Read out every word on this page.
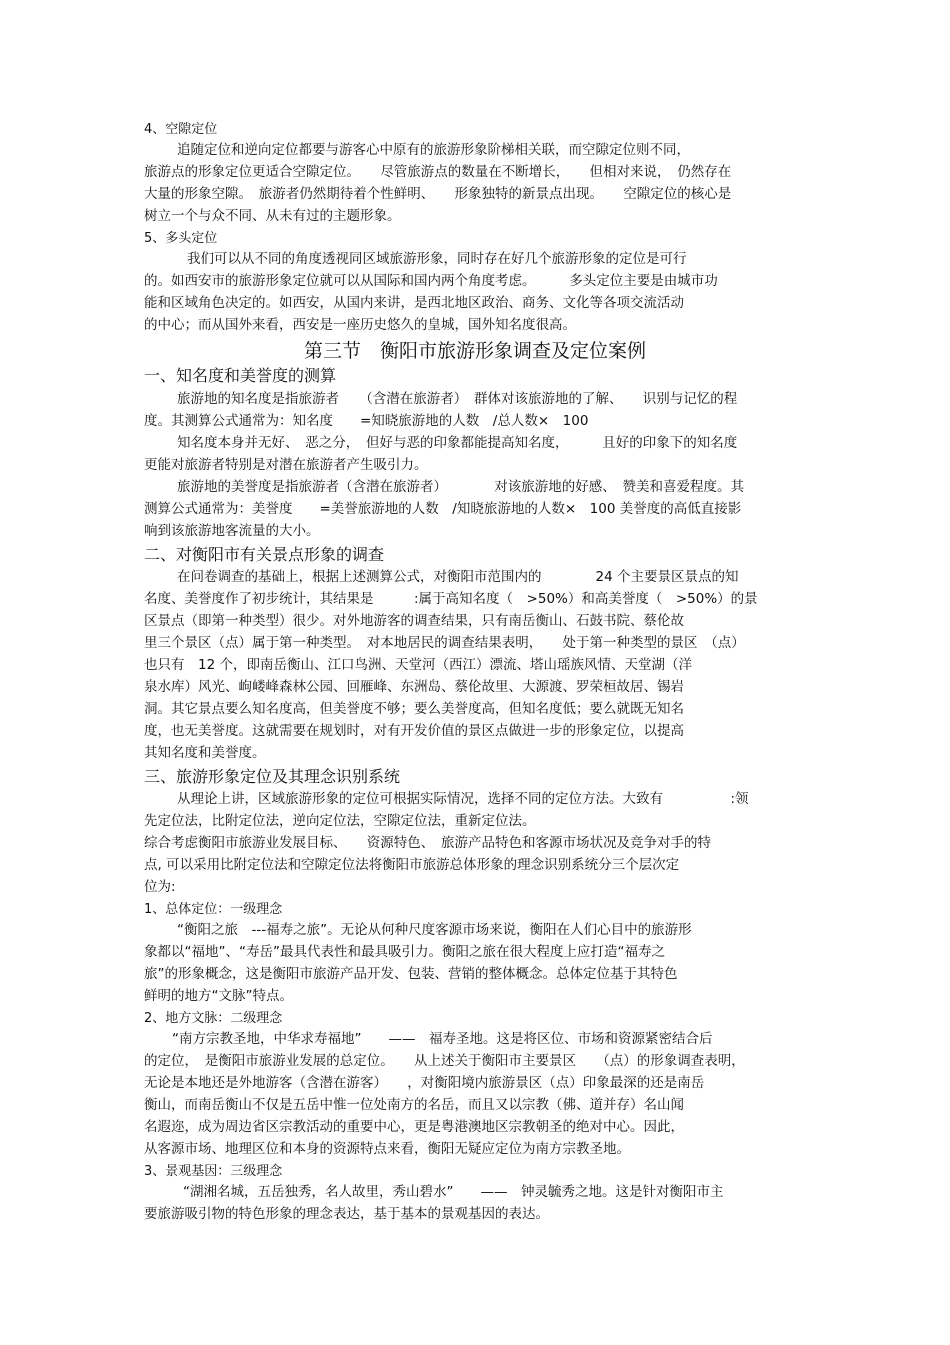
4、空隙定位
追随定位和逆向定位都要与游客心中原有的旅游形象阶梯相关联，而空隙定位则不同，
旅游点的形象定位更适合空隙定位。　　尽管旅游点的数量在不断增长，　　但相对来说，　仍然存在
大量的形象空隙。　旅游者仍然期待着个性鲜明、　　形象独特的新景点出现。　　空隙定位的核心是
树立一个与众不同、从未有过的主题形象。
5、多头定位
我们可以从不同的角度透视同区域旅游形象，同时存在好几个旅游形象的定位是可行
的。如西安市的旅游形象定位就可以从国际和国内两个角度考虑。　　　多头定位主要是由城市功
能和区域角色决定的。如西安，从国内来讲，是西北地区政治、商务、文化等各项交流活动
的中心；而从国外来看，西安是一座历史悠久的皇城，国外知名度很高。
第三节　衡阳市旅游形象调查及定位案例
一、知名度和美誉度的测算
旅游地的知名度是指旅游者　　（含潜在旅游者）　群体对该旅游地的了解、　　识别与记忆的程
度。其测算公式通常为：知名度　　=知晓旅游地的人数　/总人数×　100
知名度本身并无好、　恶之分，　但好与恶的印象都能提高知名度，　　　且好的印象下的知名度
更能对旅游者特别是对潜在旅游者产生吸引力。
旅游地的美誉度是指旅游者（含潜在旅游者）　　　　对该旅游地的好感、　赞美和喜爱程度。其
测算公式通常为：美誉度　　=美誉旅游地的人数　/知晓旅游地的人数×　100 美誉度的高低直接影
响到该旅游地客流量的大小。
二、对衡阳市有关景点形象的调查
在问卷调查的基础上，根据上述测算公式，对衡阳市范围内的　　　　24 个主要景区景点的知
名度、美誉度作了初步统计，其结果是　　　:属于高知名度（　>50%）和高美誉度（　>50%）的景
区景点（即第一种类型）很少。对外地游客的调查结果，只有南岳衡山、石鼓书院、蔡伦故
里三个景区（点）属于第一种类型。　对本地居民的调查结果表明，　　处于第一种类型的景区　（点）
也只有　12 个，即南岳衡山、江口鸟洲、天堂河（西江）漂流、塔山瑶族风情、天堂湖（洋
泉水库）风光、岣嵝峰森林公园、回雁峰、东洲岛、蔡伦故里、大源渡、罗荣桓故居、锡岩
洞。其它景点要么知名度高，但美誉度不够；要么美誉度高，但知名度低；要么就既无知名
度，也无美誉度。这就需要在规划时，对有开发价值的景区点做进一步的形象定位，以提高
其知名度和美誉度。
三、旅游形象定位及其理念识别系统
从理论上讲，区域旅游形象的定位可根据实际情况，选择不同的定位方法。大致有　　　　　:领
先定位法，比附定位法，逆向定位法，空隙定位法，重新定位法。
综合考虑衡阳市旅游业发展目标、　　资源特色、　旅游产品特色和客源市场状况及竞争对手的特
点, 可以采用比附定位法和空隙定位法将衡阳市旅游总体形象的理念识别系统分三个层次定
位为:
1、总体定位：一级理念
“衡阳之旅　---福寿之旅”。无论从何种尺度客源市场来说，衡阳在人们心目中的旅游形
象都以“福地”、“寿岳”最具代表性和最具吸引力。衡阳之旅在很大程度上应打造“福寿之
旅”的形象概念，这是衡阳市旅游产品开发、包装、营销的整体概念。总体定位基于其特色
鲜明的地方“文脉”特点。
2、地方文脉：二级理念
“南方宗教圣地，中华求寿福地”　　——　福寿圣地。这是将区位、市场和资源紧密结合后
的定位，　是衡阳市旅游业发展的总定位。　　从上述关于衡阳市主要景区　　（点）的形象调查表明，
无论是本地还是外地游客（含潜在游客）　　，对衡阳境内旅游景区（点）印象最深的还是南岳
衡山，而南岳衡山不仅是五岳中惟一位处南方的名岳，而且又以宗教（佛、道并存）名山闻
名遐迩，成为周边省区宗教活动的重要中心，更是粤港澳地区宗教朝圣的绝对中心。因此，
从客源市场、地理区位和本身的资源特点来看，衡阳无疑应定位为南方宗教圣地。
3、景观基因：三级理念
“湖湘名城，五岳独秀，名人故里，秀山碧水”　　——　钟灵毓秀之地。这是针对衡阳市主
要旅游吸引物的特色形象的理念表达，基于基本的景观基因的表达。
